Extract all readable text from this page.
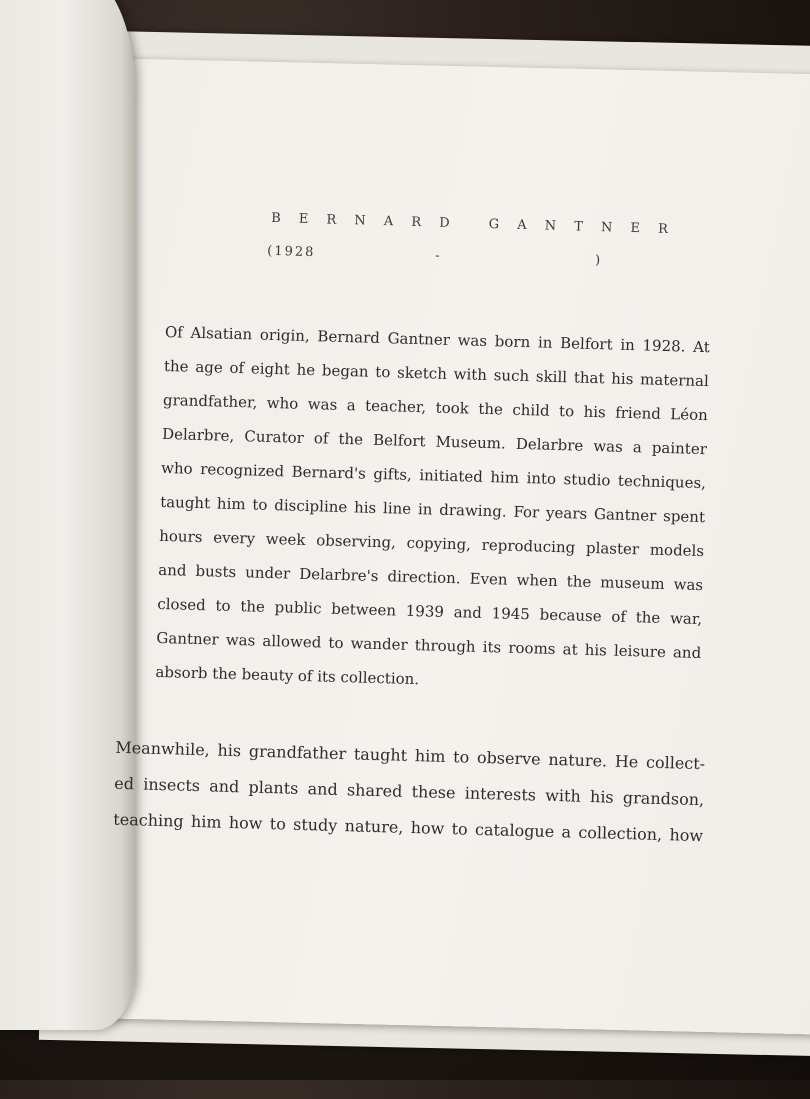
B E R N A R D G A N T N E R
(1928	-	)
Of Alsatian origin, Bernard Gantner was born in Belfort in 1928. At
the age of eight he began to sketch with such skill that his maternal
grandfather, who was a teacher, took the child to his friend Léon
Delarbre, Curator of the Belfort Museum. Delarbre was a painter
who recognized Bernard's gifts, initiated him into studio techniques,
taught him to discipline his line in drawing. For years Gantner spent
hours every week observing, copying, reproducing plaster models
and busts under Delarbre's direction. Even when the museum was
closed to the public between 1939 and 1945 because of the war,
Gantner was allowed to wander through its rooms at his leisure and
absorb the beauty of its collection.
Meanwhile, his grandfather taught him to observe nature. He collect-
ed insects and plants and shared these interests with his grandson,
teaching him how to study nature, how to catalogue a collection, how
